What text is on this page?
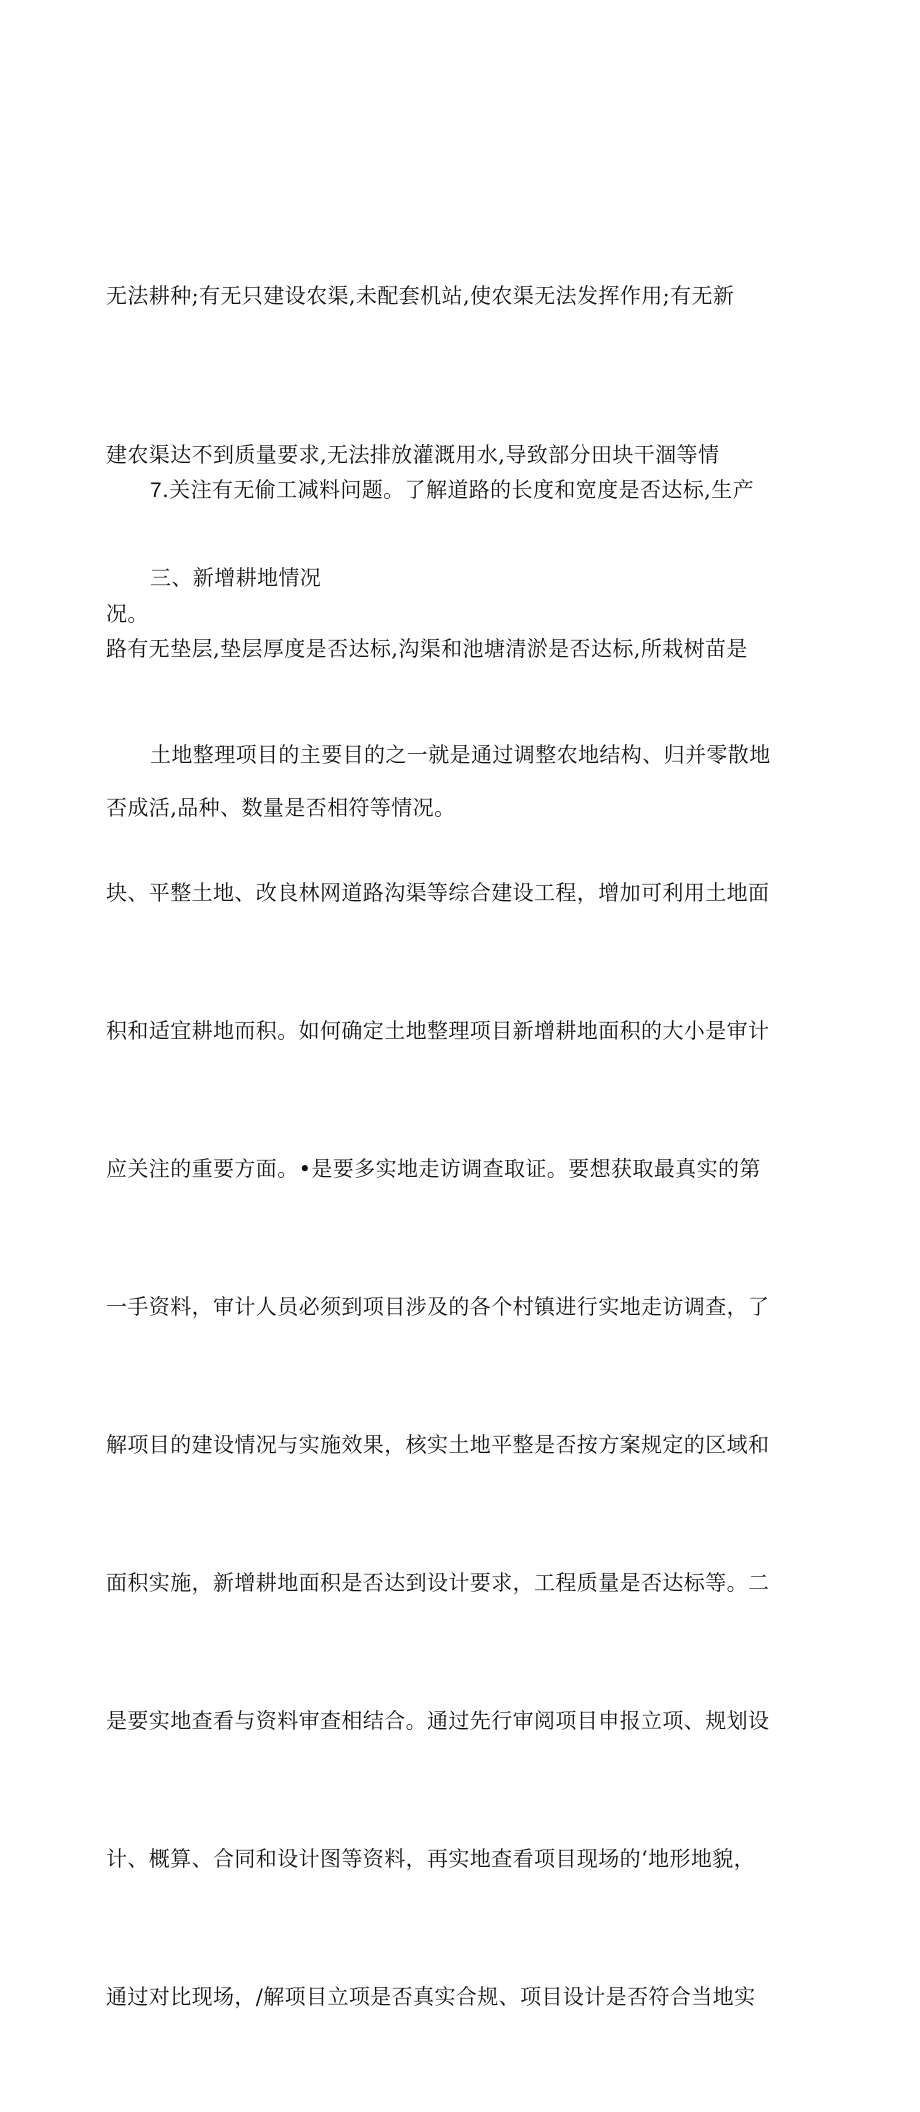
无法耕种;有无只建设农渠,未配套机站,使农渠无法发挥作用;有无新

建农渠达不到质量要求,无法排放灌溉用水,导致部分田块干涸等情

况。

7.关注有无偷工减料问题。了解道路的长度和宽度是否达标,生产

路有无垫层,垫层厚度是否达标,沟渠和池塘清淤是否达标,所栽树苗是

否成活,品种、数量是否相符等情况。

三、新增耕地情况

土地整理项目的主要目的之一就是通过调整农地结构、归并零散地

块、平整土地、改良林网道路沟渠等综合建设工程，增加可利用土地面

积和适宜耕地而积。如何确定土地整理项目新增耕地面积的大小是审计

应关注的重要方面。•是要多实地走访调查取证。要想获取最真实的第

一手资料，审计人员必须到项目涉及的各个村镇进行实地走访调查，了

解项目的建设情况与实施效果，核实土地平整是否按方案规定的区域和

面积实施，新增耕地面积是否达到设计要求，工程质量是否达标等。二

是要实地查看与资料审查相结合。通过先行审阅项目申报立项、规划设

计、概算、合同和设计图等资料，再实地查看项目现场的‘地形地貌，

通过对比现场，/解项目立项是否真实合规、项目设计是否符合当地实
